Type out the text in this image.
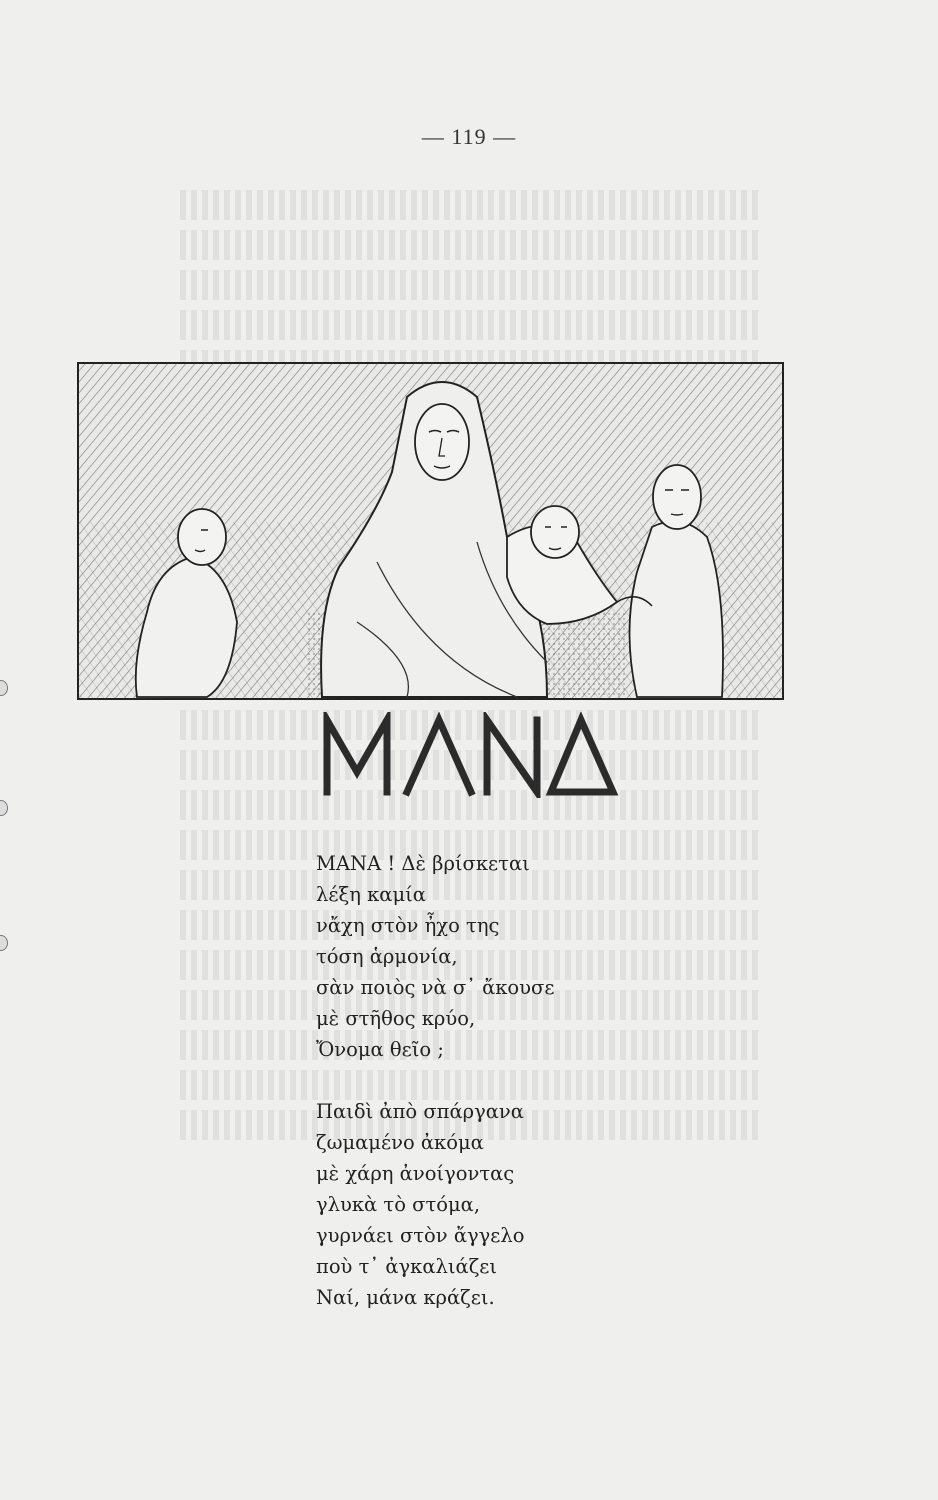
— 119 —
ΜΑΝΑ ! Δὲ βρίσκεται
λέξη καμία
νἄχη στὸν ἦχο της
τόση ἁρμονία,
σὰν ποιὸς νὰ σ᾿ ἄκουσε
μὲ στῆθος κρύο,
Ὄνομα θεῖο ;
Παιδὶ ἀπὸ σπάργανα
ζωμαμένο ἀκόμα
μὲ χάρη ἀνοίγοντας
γλυκὰ τὸ στόμα,
γυρνάει στὸν ἄγγελο
ποὺ τ᾿ ἀγκαλιάζει
Ναί, μάνα κράζει.
